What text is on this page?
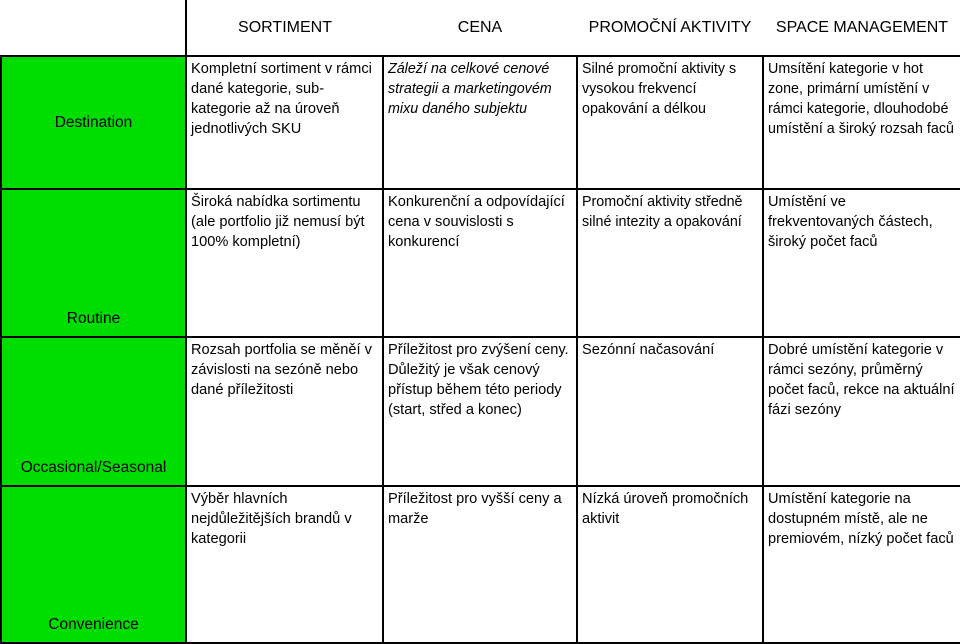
	SORTIMENT	CENA	PROMOČNÍ AKTIVITY	SPACE MANAGEMENT
Destination	Kompletní sortiment v rámci dané kategorie, sub-kategorie až na úroveň jednotlivých SKU	Záleží na celkové cenové strategii a marketingovém mixu daného subjektu	Silné promoční aktivity s vysokou frekvencí opakování a délkou	Umsítění kategorie v hot zone, primární umístění v rámci kategorie, dlouhodobé umístění a široký rozsah faců
Routine	Široká nabídka sortimentu (ale portfolio již nemusí být 100% kompletní)	Konkurenční a odpovídající cena v souvislosti s konkurencí	Promoční aktivity středně silné intezity a opakování	Umístění ve frekventovaných částech, široký počet faců
Occasional/Seasonal	Rozsah portfolia se měněí v závislosti na sezóně nebo dané příležitosti	Příležitost pro zvýšení ceny. Důležitý je však cenový přístup během této periody (start, střed a konec)	Sezónní načasování	Dobré umístění kategorie v rámci sezóny, průměrný počet faců, rekce na aktuální fázi sezóny
Convenience	Výběr hlavních nejdůležitějších brandů v kategorii	Příležitost pro vyšší ceny a marže	Nízká úroveň promočních aktivit	Umístění kategorie na dostupném místě, ale ne premiovém, nízký počet faců
